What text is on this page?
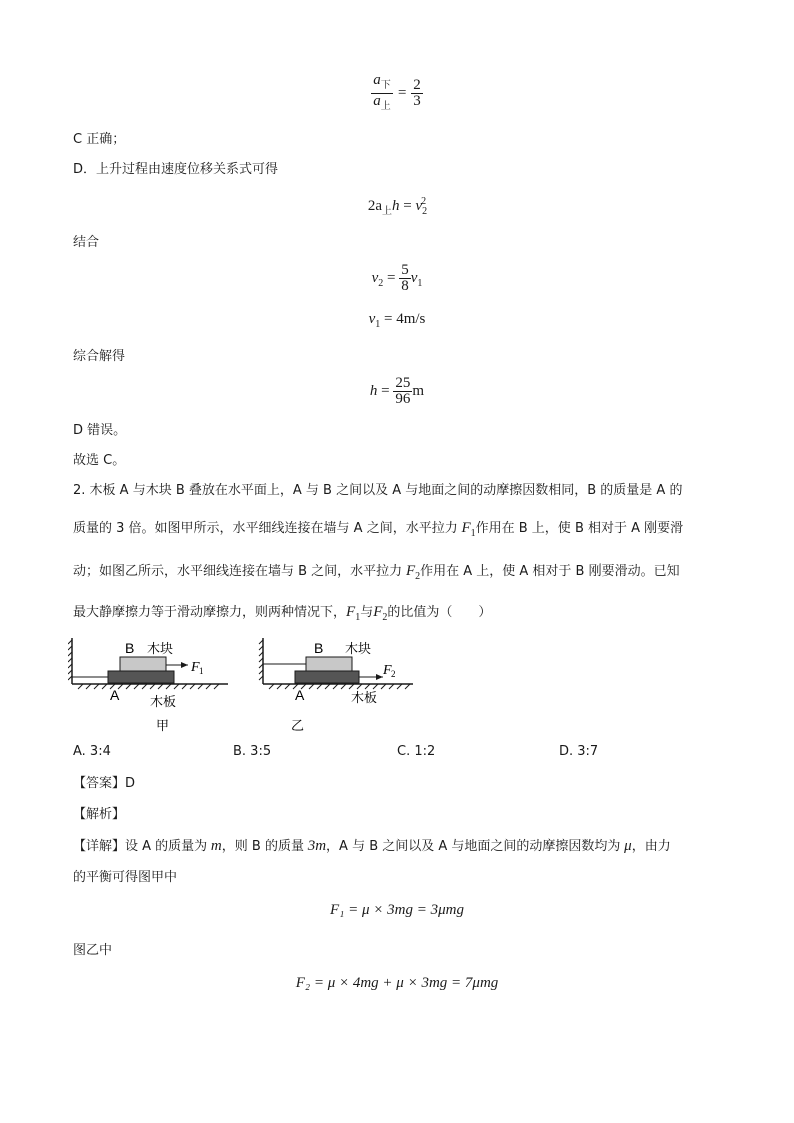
$\frac{a_下}{a_上} = \frac{2}{3}$
C 正确；
D．上升过程由速度位移关系式可得
$2a_上h = v_2^2$
结合
$v_2 = \frac{5}{8} v_1$
$v_1 = 4m/s$
综合解得
$h = \frac{25}{96}$ m
D 错误。
故选 C。
2. 木板 A 与木块 B 叠放在水平面上，A 与 B 之间以及 A 与地面之间的动摩擦因数相同，B 的质量是 A 的
质量的 3 倍。如图甲所示，水平细线连接在墙与 A 之间，水平拉力 $F_1$作用在 B 上，使 B 相对于 A 刚要滑
动；如图乙所示，水平细线连接在墙与 B 之间，水平拉力 $F_2$作用在 A 上，使 A 相对于 B 刚要滑动。已知
最大静摩擦力等于滑动摩擦力，则两种情况下，$F_1$与$F_2$的比值为（　　）
B 木块
F 1
A 木板
甲
B 木块
F 2
A	木板
乙
A. 3:4	B. 3:5	C. 1:2	D. 3:7
【答案】D
【解析】
【详解】设 A 的质量为 m，则 B 的质量 3m，A 与 B 之间以及 A 与地面之间的动摩擦因数均为 μ，由力
的平衡可得图甲中
F₁ = μ × 3mg = 3μmg
图乙中
F₂ = μ × 4mg + μ × 3mg = 7μmg
